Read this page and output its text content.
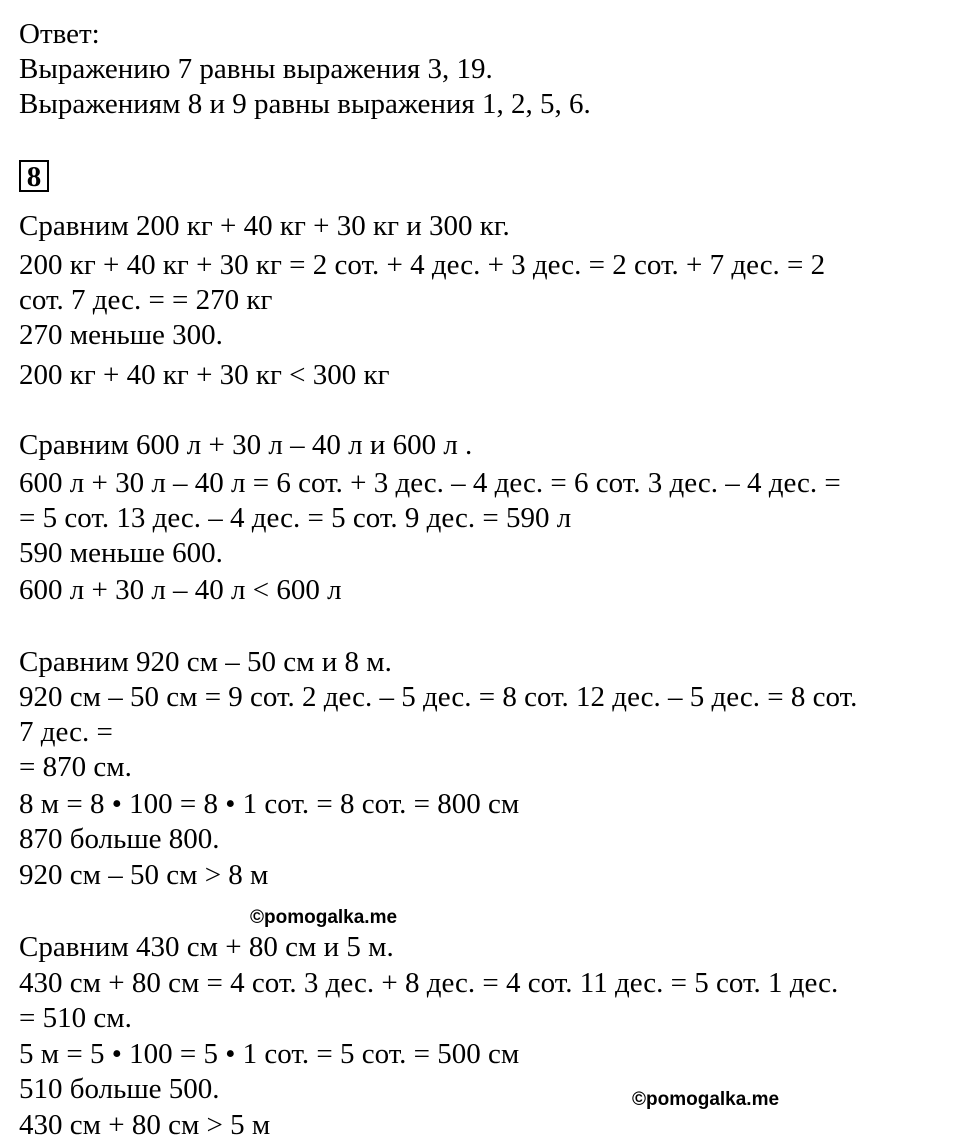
Ответ:
Выражению 7 равны выражения 3, 19.
Выражениям 8 и 9 равны выражения 1, 2, 5, 6.
8
Сравним 200 кг + 40 кг + 30 кг и 300 кг.
200 кг + 40 кг + 30 кг = 2 сот. + 4 дес. + 3 дес. = 2 сот. + 7 дес. = 2
сот. 7 дес. = = 270 кг
270 меньше 300.
200 кг + 40 кг + 30 кг < 300 кг
Сравним 600 л + 30 л – 40 л и 600 л .
600 л + 30 л – 40 л = 6 сот. + 3 дес. – 4 дес. = 6 сот. 3 дес. – 4 дес. =
= 5 сот. 13 дес. – 4 дес. = 5 сот. 9 дес. = 590 л
590 меньше 600.
600 л + 30 л – 40 л < 600 л
Сравним 920 см – 50 см и 8 м.
920 см – 50 см = 9 сот. 2 дес. – 5 дес. = 8 сот. 12 дес. – 5 дес. = 8 сот.
7 дес. =
= 870 см.
8 м = 8 • 100 = 8 • 1 сот. = 8 сот. = 800 см
870 больше 800.
920 см – 50 см > 8 м
Сравним 430 см + 80 см и 5 м.
430 см + 80 см = 4 сот. 3 дес. + 8 дес. = 4 сот. 11 дес. = 5 сот. 1 дес.
= 510 см.
5 м = 5 • 100 = 5 • 1 сот. = 5 сот. = 500 см
510 больше 500.
430 см + 80 см > 5 м
©pomogalka.me
©pomogalka.me
